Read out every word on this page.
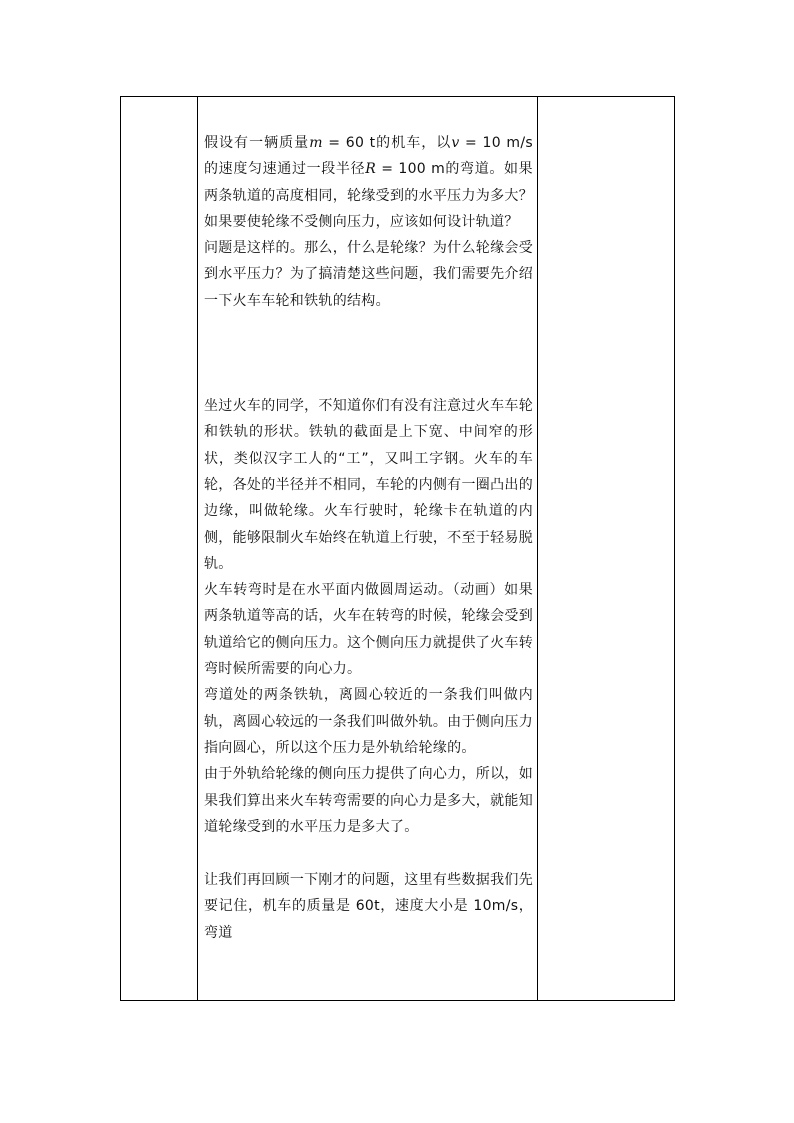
假设有一辆质量m = 60 t的机车，以v = 10 m/s的速度匀速通过一段半径R = 100 m的弯道。如果两条轨道的高度相同，轮缘受到的水平压力为多大？如果要使轮缘不受侧向压力，应该如何设计轨道？

问题是这样的。那么，什么是轮缘？为什么轮缘会受到水平压力？为了搞清楚这些问题，我们需要先介绍一下火车车轮和铁轨的结构。

坐过火车的同学，不知道你们有没有注意过火车车轮和铁轨的形状。铁轨的截面是上下宽、中间窄的形状，类似汉字工人的“工”，又叫工字钢。火车的车轮，各处的半径并不相同，车轮的内侧有一圈凸出的边缘，叫做轮缘。火车行驶时，轮缘卡在轨道的内侧，能够限制火车始终在轨道上行驶，不至于轻易脱轨。

火车转弯时是在水平面内做圆周运动。（动画）如果两条轨道等高的话，火车在转弯的时候，轮缘会受到轨道给它的侧向压力。这个侧向压力就提供了火车转弯时候所需要的向心力。

弯道处的两条铁轨，离圆心较近的一条我们叫做内轨，离圆心较远的一条我们叫做外轨。由于侧向压力指向圆心，所以这个压力是外轨给轮缘的。

由于外轨给轮缘的侧向压力提供了向心力，所以，如果我们算出来火车转弯需要的向心力是多大，就能知道轮缘受到的水平压力是多大了。

让我们再回顾一下刚才的问题，这里有些数据我们先要记住，机车的质量是 60t，速度大小是 10m/s，弯道
